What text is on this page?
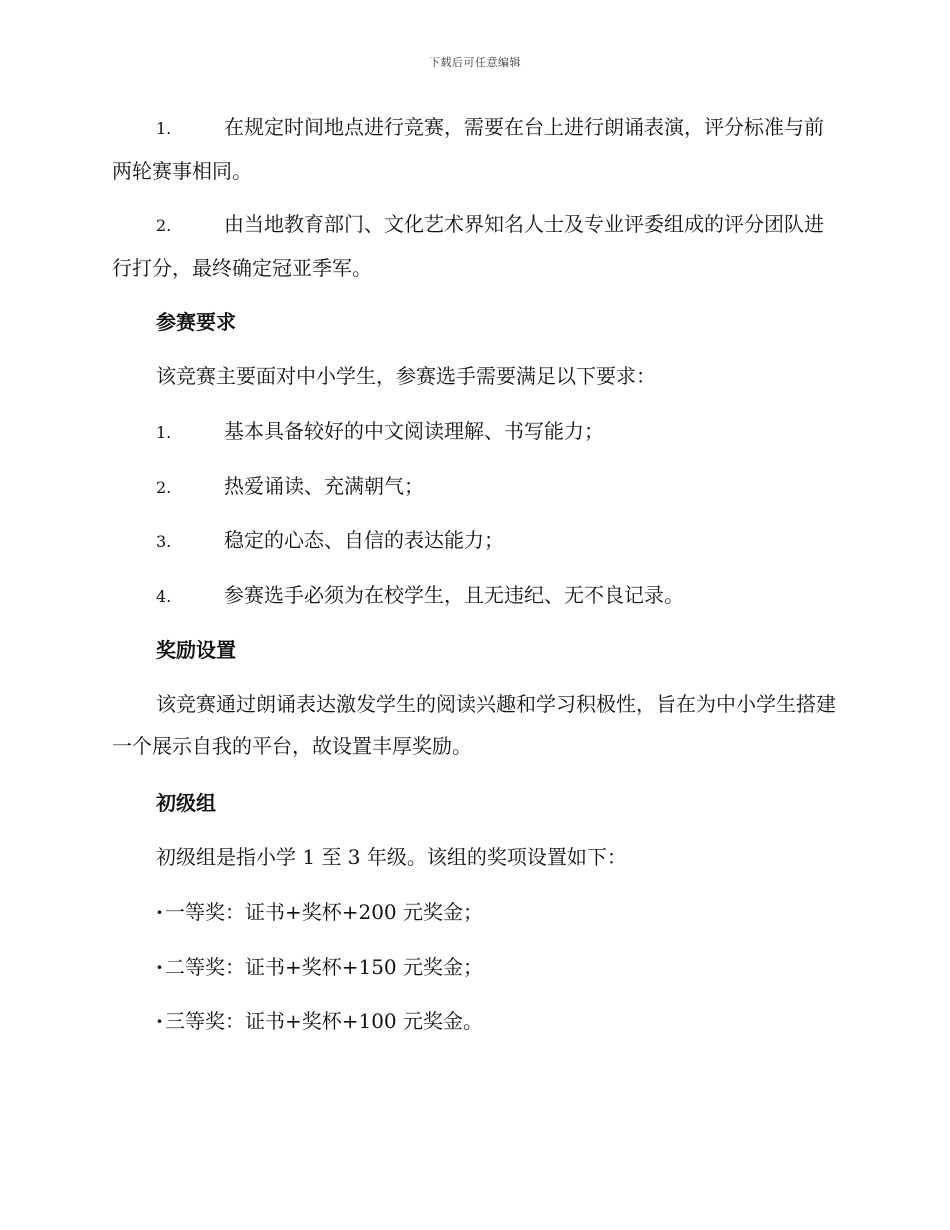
下载后可任意编辑
1.	在规定时间地点进行竞赛，需要在台上进行朗诵表演，评分标准与前两轮赛事相同。
2.	由当地教育部门、文化艺术界知名人士及专业评委组成的评分团队进行打分，最终确定冠亚季军。
参赛要求
该竞赛主要面对中小学生，参赛选手需要满足以下要求：
1.	基本具备较好的中文阅读理解、书写能力；
2.	热爱诵读、充满朝气；
3.	稳定的心态、自信的表达能力；
4.	参赛选手必须为在校学生，且无违纪、无不良记录。
奖励设置
该竞赛通过朗诵表达激发学生的阅读兴趣和学习积极性，旨在为中小学生搭建一个展示自我的平台，故设置丰厚奖励。
初级组
初级组是指小学 1 至 3 年级。该组的奖项设置如下：
· 一等奖：证书+奖杯+200 元奖金；
· 二等奖：证书+奖杯+150 元奖金；
· 三等奖：证书+奖杯+100 元奖金。
